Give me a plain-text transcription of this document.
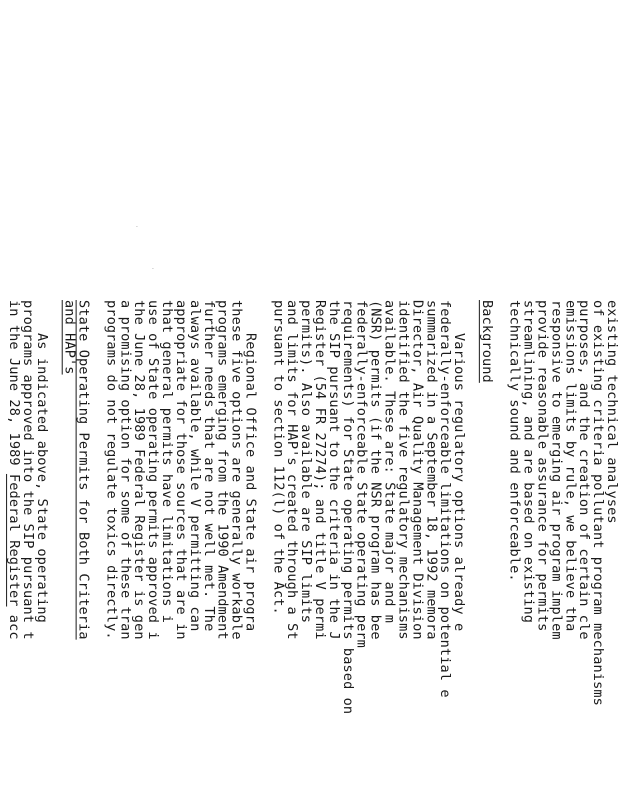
existing technical analyses
of existing criteria pollutant program mechanisms
purposes, and the creation of certain cle
emissions limits by rule, we believe tha
responsive to emerging air program implem
provide reasonable assurance for permits
streamlining, and are based on existing
technically sound and enforceable.
Background
Various regulatory options already e
federally-enforceable limitations on potential e
summarized in a September 18, 1992 memora
Director, Air Quality Management Division
identified the five regulatory mechanisms
available. These are: State major and m
(NSR) permits (if the NSR program has bee
federally-enforceable State operating perm
requirements) for State operating permits based on
the SIP pursuant to the criteria in the J
Register (54 FR 27274); and title V permi
permits). Also available are SIP limits
and limits for HAP's created through a St
pursuant to section 112(l) of the Act.
Regional Office and State air progra
these five options are generally workable
programs emerging from the 1990 Amendment
further needs that are not well met. The
always available, while V permitting can
appropriate for those sources that are in
that general permits have limitations i
use of State operating permits approved i
the June 28, 1989 Federal Register is gen
a promising option for some of these tran
programs do not regulate toxics directly.
State Operating Permits for Both Criteria
and HAP's
As indicated above, State operating
programs approved into the SIP pursuant t
in the June 28, 1989 Federal Register acc
·
·
